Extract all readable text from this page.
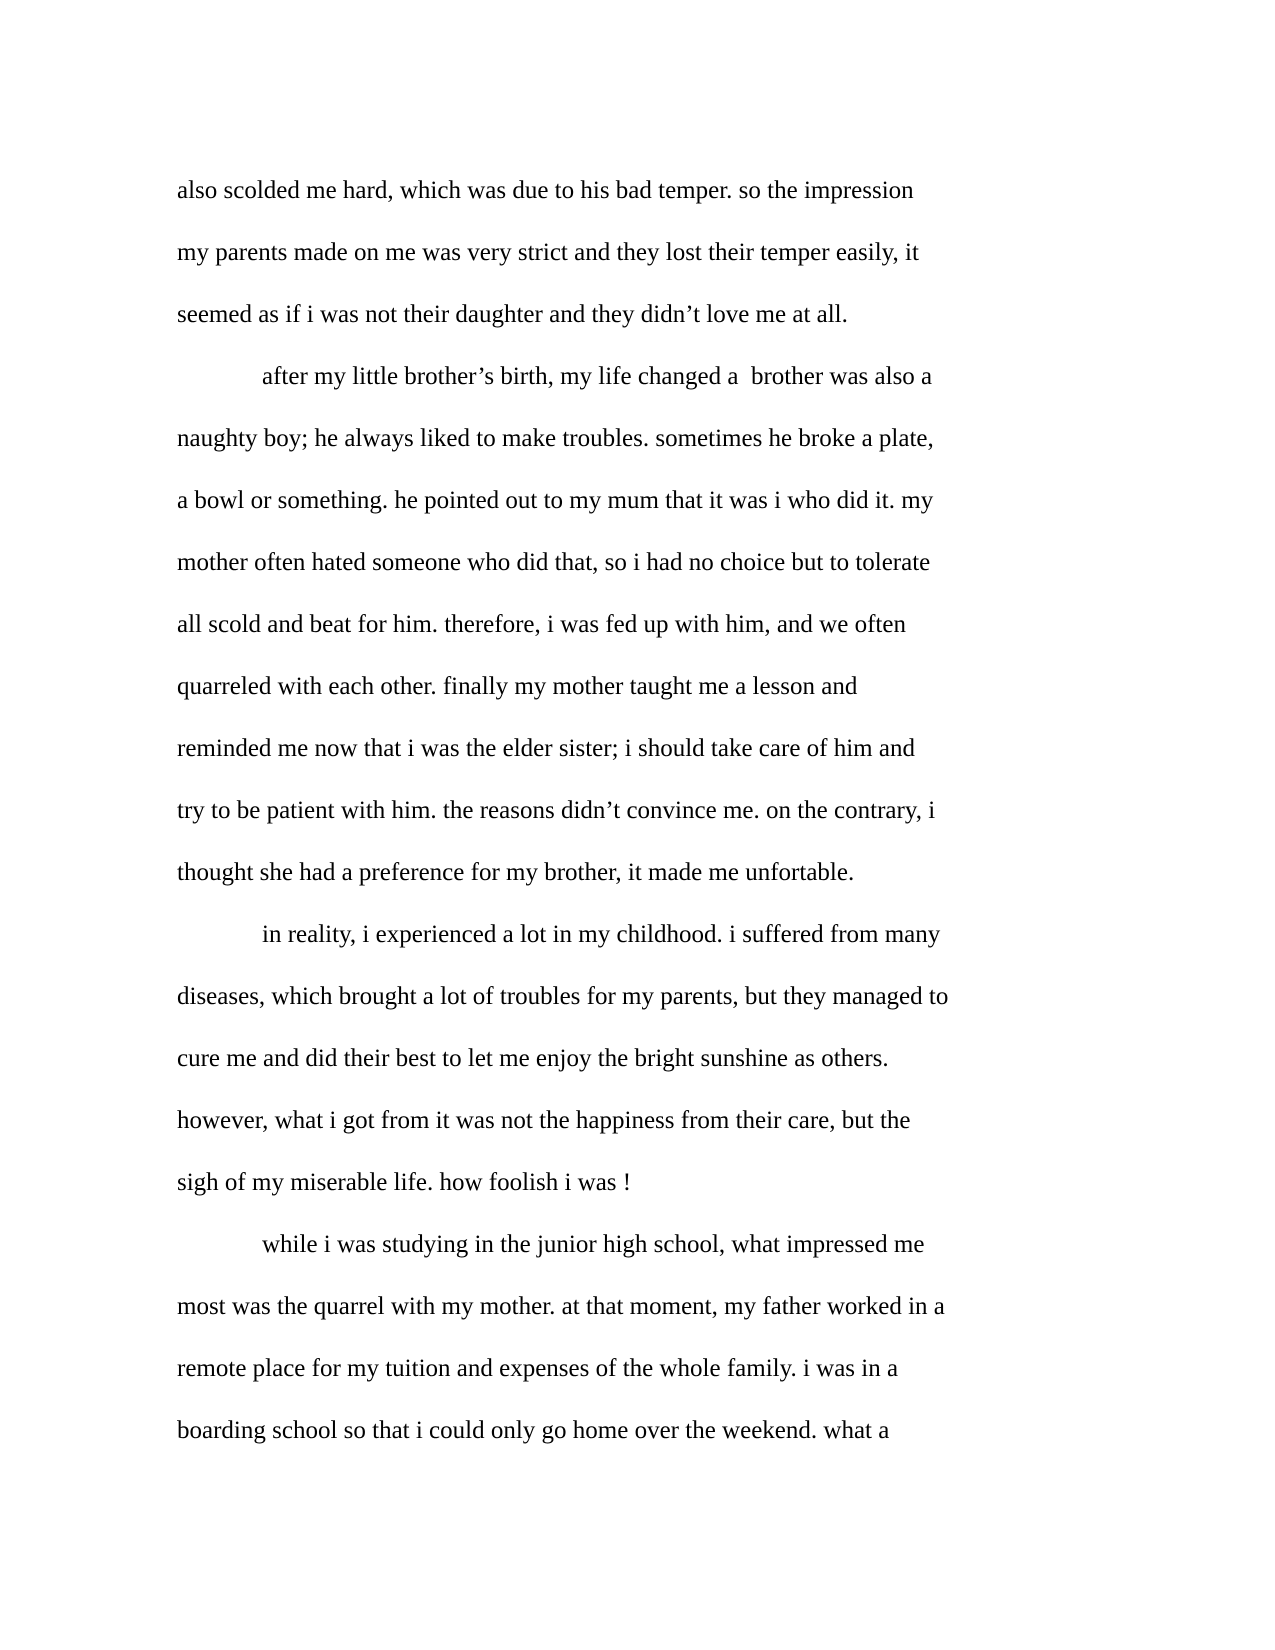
also scolded me hard, which was due to his bad temper. so the impression
my parents made on me was very strict and they lost their temper easily, it
seemed as if i was not their daughter and they didn’t love me at all.
after my little brother’s birth, my life changed a  brother was also a
naughty boy; he always liked to make troubles. sometimes he broke a plate,
a bowl or something. he pointed out to my mum that it was i who did it. my
mother often hated someone who did that, so i had no choice but to tolerate
all scold and beat for him. therefore, i was fed up with him, and we often
quarreled with each other. finally my mother taught me a lesson and
reminded me now that i was the elder sister; i should take care of him and
try to be patient with him. the reasons didn’t convince me. on the contrary, i
thought she had a preference for my brother, it made me unfortable.
in reality, i experienced a lot in my childhood. i suffered from many
diseases, which brought a lot of troubles for my parents, but they managed to
cure me and did their best to let me enjoy the bright sunshine as others.
however, what i got from it was not the happiness from their care, but the
sigh of my miserable life. how foolish i was !
while i was studying in the junior high school, what impressed me
most was the quarrel with my mother. at that moment, my father worked in a
remote place for my tuition and expenses of the whole family. i was in a
boarding school so that i could only go home over the weekend. what a
